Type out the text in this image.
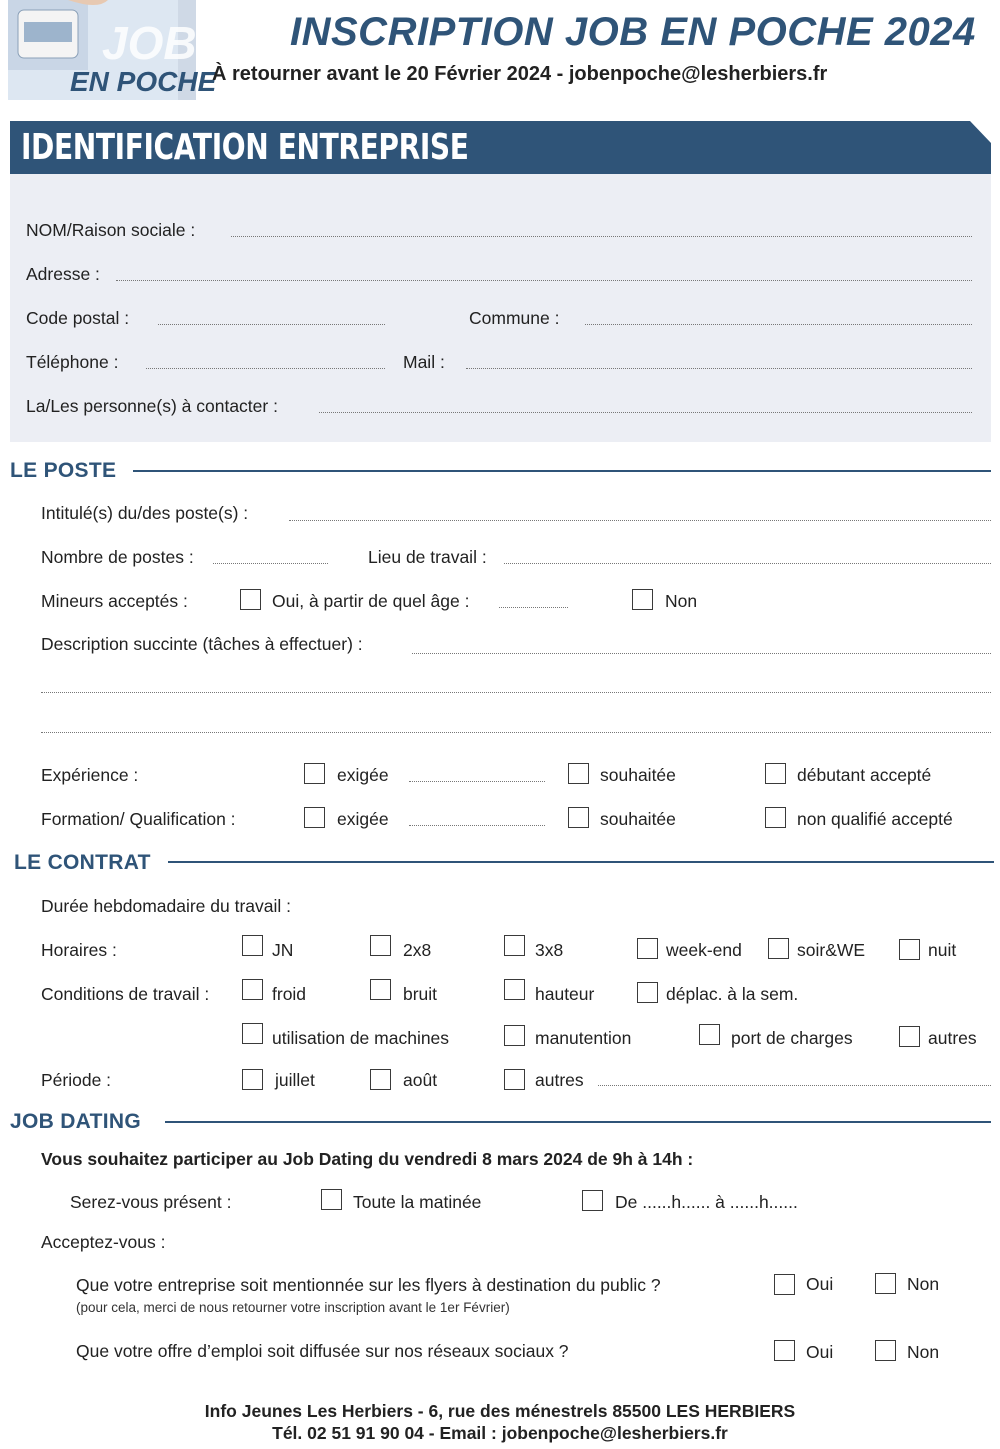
JOB
EN POCHE
INSCRIPTION JOB EN POCHE 2024
À retourner avant le 20 Février 2024 - jobenpoche@lesherbiers.fr
IDENTIFICATION ENTREPRISE
NOM/Raison sociale :
Adresse :
Code postal :	Commune :
Téléphone :	Mail :
La/Les personne(s) à contacter :
LE POSTE
Intitulé(s) du/des poste(s) :
Nombre de postes :	Lieu de travail :
Mineurs acceptés :	Oui, à partir de quel âge :	Non
Description succinte (tâches à effectuer) :
Expérience :	exigée	souhaitée	débutant accepté
Formation/ Qualification :	exigée	souhaitée	non qualifié accepté
LE CONTRAT
Durée hebdomadaire du travail :
Horaires :	JN	2x8	3x8	week-end	soir&WE	nuit
Conditions de travail :	froid	bruit	hauteur	déplac. à la sem.
utilisation de machines	manutention	port de charges	autres
Période :	juillet	août	autres
JOB DATING
Vous souhaitez participer au Job Dating du vendredi 8 mars 2024 de 9h à 14h :
Serez-vous présent :	Toute la matinée	De ......h...... à ......h......
Acceptez-vous :
Que votre entreprise soit mentionnée sur les flyers à destination du public ?
(pour cela, merci de nous retourner votre inscription avant le 1er Février)
Oui	Non
Que votre offre d’emploi soit diffusée sur nos réseaux sociaux ?	Oui	Non
Info Jeunes Les Herbiers - 6, rue des ménestrels 85500 LES HERBIERS
Tél. 02 51 91 90 04 - Email : jobenpoche@lesherbiers.fr
